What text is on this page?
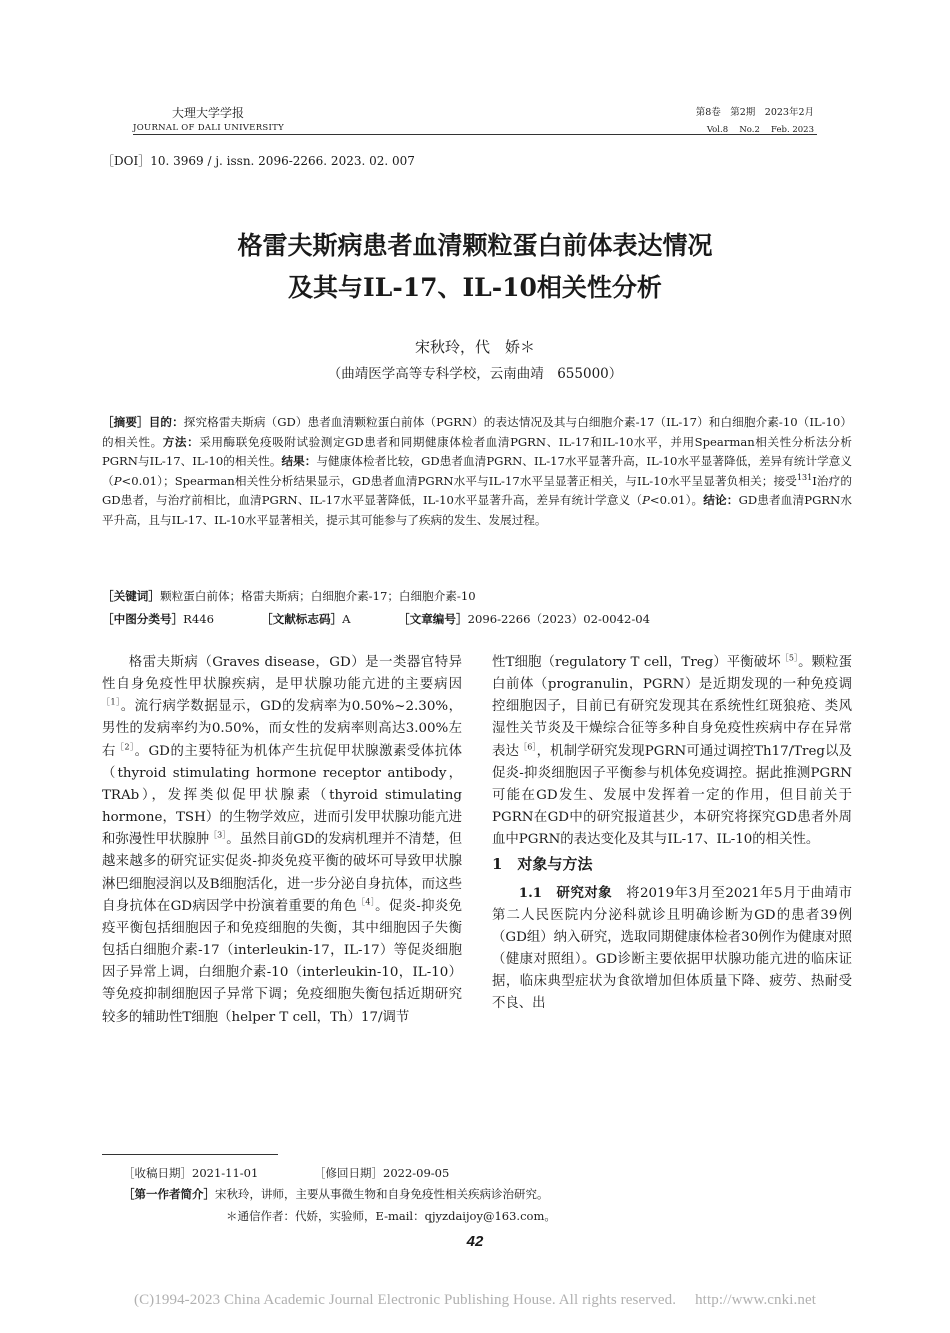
大理大学学报
JOURNAL OF DALI UNIVERSITY
第8卷　第2期　2023年2月
Vol.8　 No.2　 Feb. 2023
［DOI］10. 3969 / j. issn. 2096-2266. 2023. 02. 007
格雷夫斯病患者血清颗粒蛋白前体表达情况
及其与IL-17、IL-10相关性分析
宋秋玲，代　娇＊
（曲靖医学高等专科学校，云南曲靖　655000）
［摘要］目的：探究格雷夫斯病（GD）患者血清颗粒蛋白前体（PGRN）的表达情况及其与白细胞介素-17（IL-17）和白细胞介素-10（IL-10）的相关性。方法：采用酶联免疫吸附试验测定GD患者和同期健康体检者血清PGRN、IL-17和IL-10水平，并用Spearman相关性分析法分析PGRN与IL-17、IL-10的相关性。结果：与健康体检者比较，GD患者血清PGRN、IL-17水平显著升高，IL-10水平显著降低，差异有统计学意义（P<0.01）；Spearman相关性分析结果显示，GD患者血清PGRN水平与IL-17水平呈显著正相关，与IL-10水平呈显著负相关；接受$^{131}$I治疗的GD患者，与治疗前相比，血清PGRN、IL-17水平显著降低，IL-10水平显著升高，差异有统计学意义（P<0.01）。结论：GD患者血清PGRN水平升高，且与IL-17、IL-10水平显著相关，提示其可能参与了疾病的发生、发展过程。
［关键词］颗粒蛋白前体；格雷夫斯病；白细胞介素-17；白细胞介素-10
［中图分类号］R446	［文献标志码］A	［文章编号］2096-2266（2023）02-0042-04

格雷夫斯病（Graves disease，GD）是一类器官特异性自身免疫性甲状腺疾病，是甲状腺功能亢进的主要病因$^{[1]}$。流行病学数据显示，GD的发病率为0.50%~2.30%，男性的发病率约为0.50%，而女性的发病率则高达3.00%左右$^{[2]}$。GD的主要特征为机体产生抗促甲状腺激素受体抗体（thyroid stimulating hormone receptor antibody，TRAb），发挥类似促甲状腺素（thyroid stimulating hormone，TSH）的生物学效应，进而引发甲状腺功能亢进和弥漫性甲状腺肿$^{[3]}$。虽然目前GD的发病机理并不清楚，但越来越多的研究证实促炎-抑炎免疫平衡的破坏可导致甲状腺淋巴细胞浸润以及B细胞活化，进一步分泌自身抗体，而这些自身抗体在GD病因学中扮演着重要的角色$^{[4]}$。促炎-抑炎免疫平衡包括细胞因子和免疫细胞的失衡，其中细胞因子失衡包括白细胞介素-17（interleukin-17，IL-17）等促炎细胞因子异常上调，白细胞介素-10（interleukin-10，IL-10）等免疫抑制细胞因子异常下调；免疫细胞失衡包括近期研究较多的辅助性T细胞（helper T cell，Th）17/调节

性T细胞（regulatory T cell，Treg）平衡破坏$^{[5]}$。颗粒蛋白前体（progranulin，PGRN）是近期发现的一种免疫调控细胞因子，目前已有研究发现其在系统性红斑狼疮、类风湿性关节炎及干燥综合征等多种自身免疫性疾病中存在异常表达$^{[6]}$，机制学研究发现PGRN可通过调控Th17/Treg以及促炎-抑炎细胞因子平衡参与机体免疫调控。据此推测PGRN可能在GD发生、发展中发挥着一定的作用，但目前关于PGRN在GD中的研究报道甚少，本研究将探究GD患者外周血中PGRN的表达变化及其与IL-17、IL-10的相关性。

1　对象与方法

1.1　研究对象　 将2019年3月至2021年5月于曲靖市第二人民医院内分泌科就诊且明确诊断为GD的患者39例（GD组）纳入研究，选取同期健康体检者30例作为健康对照（健康对照组）。GD诊断主要依据甲状腺功能亢进的临床证据，临床典型症状为食欲增加但体质量下降、疲劳、热耐受不良、出

［收稿日期］2021-11-01	［修回日期］2022-09-05
［第一作者简介］宋秋玲，讲师，主要从事微生物和自身免疫性相关疾病诊治研究。
＊通信作者：代娇，实验师，E-mail：qjyzdaijoy@163.com。
42
(C)1994-2023 China Academic Journal Electronic Publishing House. All rights reserved.　 http://www.cnki.net
